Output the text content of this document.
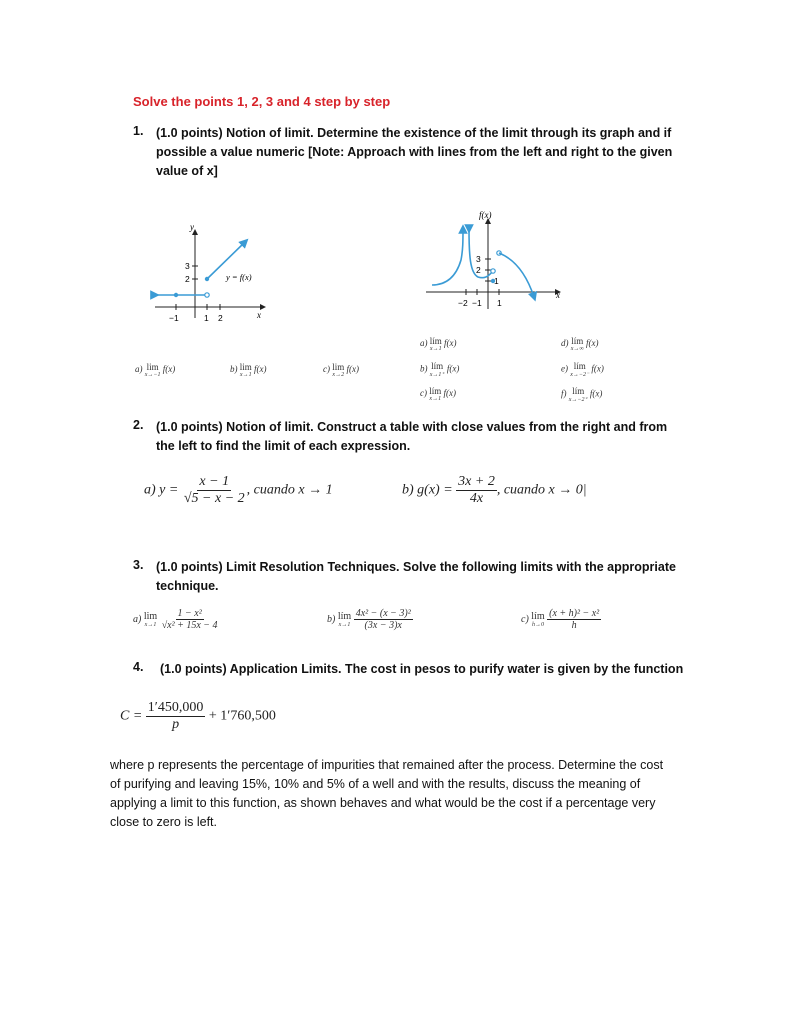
Solve the points 1, 2, 3 and 4 step by step
1. (1.0 points) Notion of limit. Determine the existence of the limit through its graph and if possible a value numeric [Note: Approach with lines from the left and right to the given value of x]
y
x
y = f(x)
3
2
−1	1 2
f(x)
x
3
2
1
−2 −1 1
a) lim
x→−1
f(x)	b) lim
x→1
f(x)	c) lim
x→2
f(x)
a) lím
x→1
f(x)
b) lím
x→1⁺
f(x)
c) lím
x→1
f(x)
d) lím
x→∞
f(x)
e) lím
x→−2⁻
f(x)
f) lím
x→−2⁺
f(x)
2. (1.0 points) Notion of limit. Construct a table with close values from the right and from the left to find the limit of each expression.
a) $y = \frac{x - 1}{√5 - x - 2}$ , cuando x → 1	b) $g(x) = \frac{3x + 2}{4x}$ , cuando x → 0|
3. (1.0 points) Limit Resolution Techniques. Solve the following limits with the appropriate technique.
a) lim
x→1
$\frac{\text{1 − x²}}{\text{√x² + 15x − 4}}$	b) lím
x→1
$\frac{\text{4x² − (x − 3)²}}{(3x - 3)x}$	c) lím
h→0
$\frac{\text{(x + h)² − x²}}{h}$
4. (1.0 points) Application Limits. The cost in pesos to purify water is given by the function
$C = \frac{1'450,000}{p} + 1'760,500$
where p represents the percentage of impurities that remained after the process. Determine the cost of purifying and leaving 15%, 10% and 5% of a well and with the results, discuss the meaning of applying a limit to this function, as shown behaves and what would be the cost if a percentage very close to zero is left.
